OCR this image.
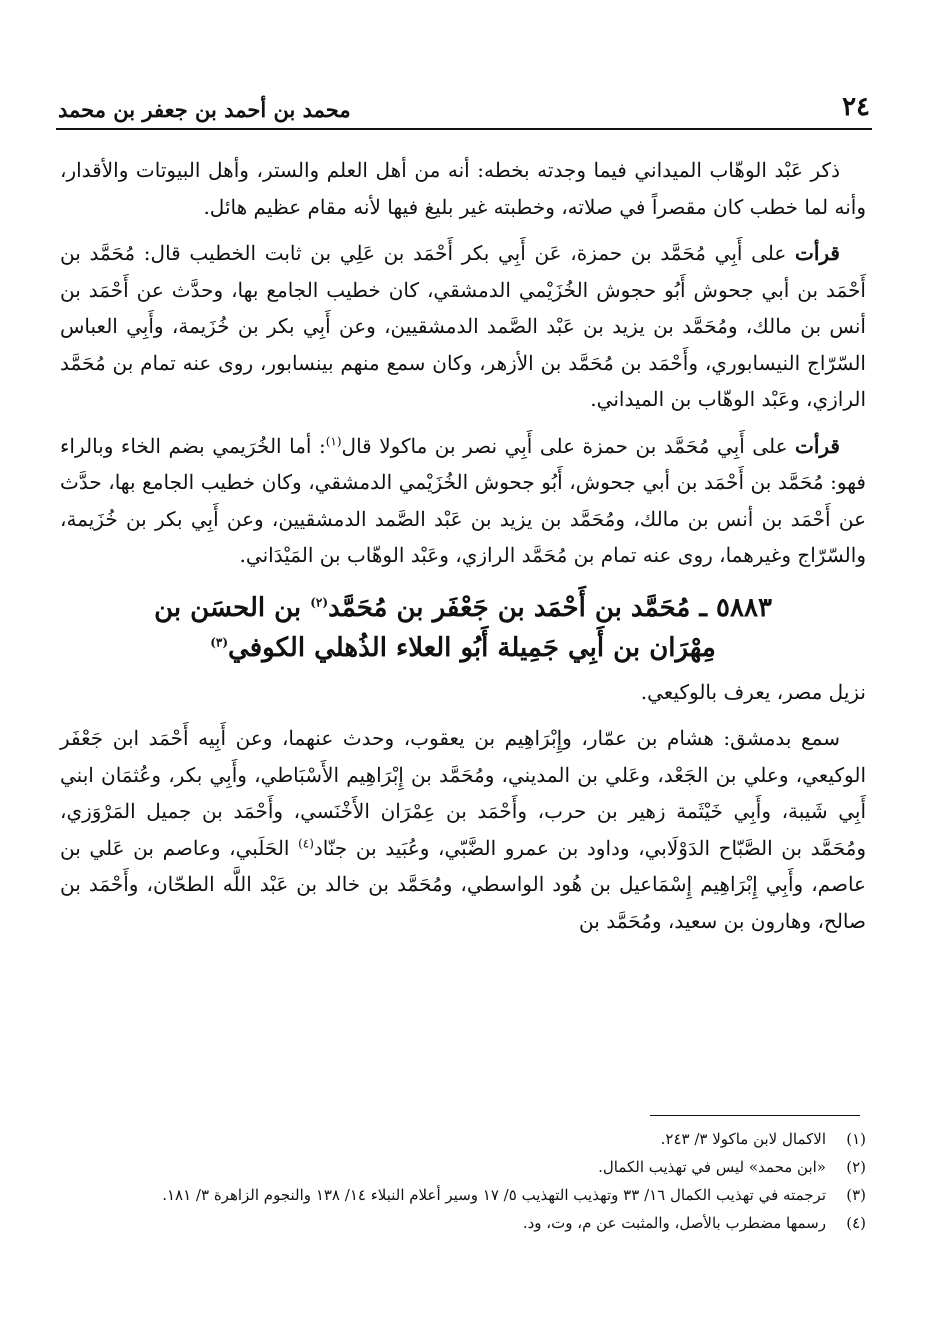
٢٤
محمد بن أحمد بن جعفر بن محمد

ذكر عَبْد الوهّاب الميداني فيما وجدته بخطه: أنه من أهل العلم والستر، وأهل البيوتات والأقدار، وأنه لما خطب كان مقصراً في صلاته، وخطبته غير بليغ فيها لأنه مقام عظيم هائل.

قرأت على أَبِي مُحَمَّد بن حمزة، عَن أَبِي بكر أَحْمَد بن عَلِي بن ثابت الخطيب قال: مُحَمَّد بن أَحْمَد بن أبي جحوش أَبُو حجوش الخُزَيْمي الدمشقي، كان خطيب الجامع بها، وحدَّث عن أَحْمَد بن أنس بن مالك، ومُحَمَّد بن يزيد بن عَبْد الصَّمد الدمشقيين، وعن أَبِي بكر بن خُزَيمة، وأَبِي العباس السّرّاج النيسابوري، وأَحْمَد بن مُحَمَّد بن الأزهر، وكان سمع منهم بينسابور، روى عنه تمام بن مُحَمَّد الرازي، وعَبْد الوهّاب بن الميداني.

قرأت على أَبِي مُحَمَّد بن حمزة على أَبِي نصر بن ماكولا قال$^{(١)}$: أما الخُرَيمي بضم الخاء وبالراء فهو: مُحَمَّد بن أَحْمَد بن أبي جحوش، أَبُو جحوش الخُزَيْمي الدمشقي، وكان خطيب الجامع بها، حدَّث عن أَحْمَد بن أنس بن مالك، ومُحَمَّد بن يزيد بن عَبْد الصَّمد الدمشقيين، وعن أَبِي بكر بن خُزَيمة، والسّرّاج وغيرهما، روى عنه تمام بن مُحَمَّد الرازي، وعَبْد الوهّاب بن المَيْدَاني.

٥٨٨٣ ـ مُحَمَّد بن أَحْمَد بن جَعْفَر بن مُحَمَّد$^{(٢)}$ بن الحسَن بن
مِهْرَان بن أَبِي جَمِيلة أَبُو العلاء الذُهلي الكوفي$^{(٣)}$

نزيل مصر، يعرف بالوكيعي.

سمع بدمشق: هشام بن عمّار، وإِبْرَاهِيم بن يعقوب، وحدث عنهما، وعن أَبِيه أَحْمَد ابن جَعْفَر الوكيعي، وعلي بن الجَعْد، وعَلي بن المديني، ومُحَمَّد بن إِبْرَاهِيم الأَسْبَاطي، وأَبِي بكر، وعُثمَان ابني أَبِي شَيبة، وأَبِي خَيْثَمة زهير بن حرب، وأَحْمَد بن عِمْرَان الأَخْنَسي، وأَحْمَد بن جميل المَرْوَزي، ومُحَمَّد بن الصَّبّاح الدَوْلَابي، وداود بن عمرو الضَّبّي، وعُبَيد بن جنّاد$^{(٤)}$ الحَلَبي، وعاصم بن عَلي بن عاصم، وأَبِي إِبْرَاهِيم إِسْمَاعيل بن هُود الواسطي، ومُحَمَّد بن خالد بن عَبْد اللَّه الطحّان، وأَحْمَد بن صالح، وهارون بن سعيد، ومُحَمَّد بن

(١)
الاكمال لابن ماكولا ٣/ ٢٤٣.
(٢)
«ابن محمد» ليس في تهذيب الكمال.
(٣)
ترجمته في تهذيب الكمال ١٦/ ٣٣ وتهذيب التهذيب ٥/ ١٧ وسير أعلام النبلاء ١٤/ ١٣٨ والنجوم الزاهرة ٣/ ١٨١.
(٤)
رسمها مضطرب بالأصل، والمثبت عن م، وت، ود.
